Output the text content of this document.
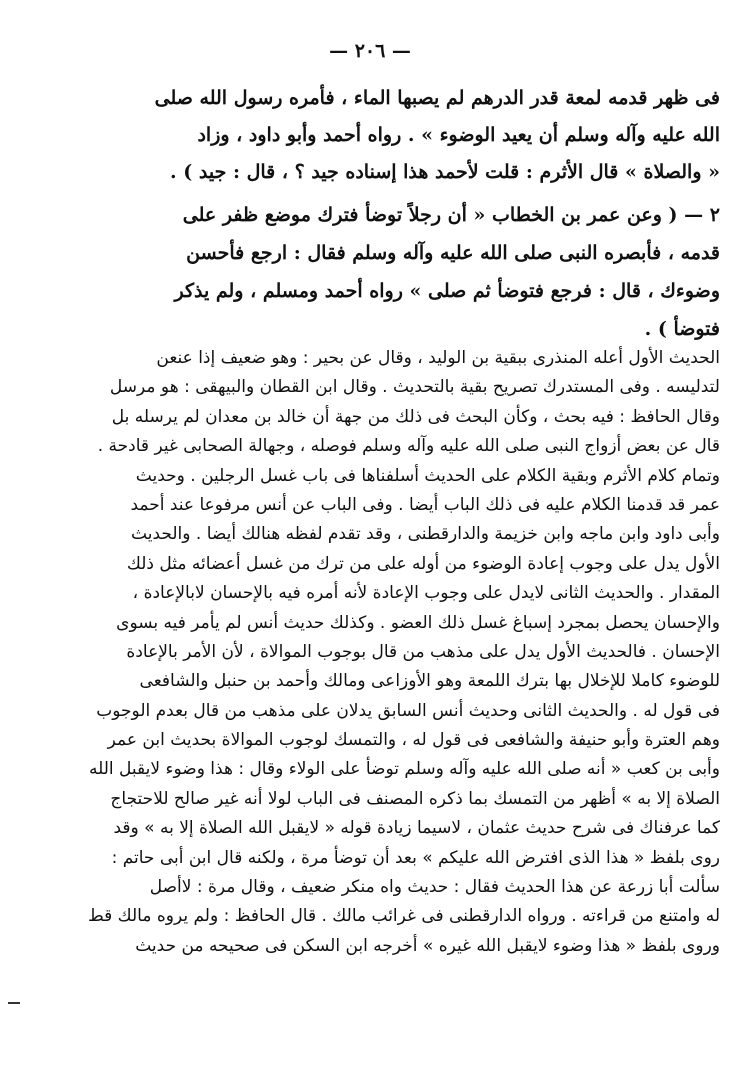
— ٢٠٦ —
فى ظهر قدمه لمعة قدر الدرهم لم يصبها الماء ، فأمره رسول الله صلى
الله عليه وآله وسلم أن يعيد الوضوء » . رواه أحمد وأبو داود ، وزاد
« والصلاة » قال الأثرم : قلت لأحمد هذا إسناده جيد ؟ ، قال : جيد ) .
٢ — ( وعن عمر بن الخطاب « أن رجلاً توضأ فترك موضع ظفر على
قدمه ، فأبصره النبى صلى الله عليه وآله وسلم فقال : ارجع فأحسن
وضوءك ، قال : فرجع فتوضأ ثم صلى » رواه أحمد ومسلم ، ولم يذكر
فتوضأ ) .
الحديث الأول أعله المنذرى ببقية بن الوليد ، وقال عن بحير : وهو ضعيف إذا عنعن
لتدليسه . وفى المستدرك تصريح بقية بالتحديث . وقال ابن القطان والبيهقى : هو مرسل
وقال الحافظ : فيه بحث ، وكأن البحث فى ذلك من جهة أن خالد بن معدان لم يرسله بل
قال عن بعض أزواج النبى صلى الله عليه وآله وسلم فوصله ، وجهالة الصحابى غير قادحة .
وتمام كلام الأثرم وبقية الكلام على الحديث أسلفناها فى باب غسل الرجلين . وحديث
عمر قد قدمنا الكلام عليه فى ذلك الباب أيضا . وفى الباب عن أنس مرفوعا عند أحمد
وأبى داود وابن ماجه وابن خزيمة والدارقطنى ، وقد تقدم لفظه هنالك أيضا . والحديث
الأول يدل على وجوب إعادة الوضوء من أوله على من ترك من غسل أعضائه مثل ذلك
المقدار . والحديث الثانى لايدل على وجوب الإعادة لأنه أمره فيه بالإحسان لابالإعادة ،
والإحسان يحصل بمجرد إسباغ غسل ذلك العضو . وكذلك حديث أنس لم يأمر فيه بسوى
الإحسان . فالحديث الأول يدل على مذهب من قال بوجوب الموالاة ، لأن الأمر بالإعادة
للوضوء كاملا للإخلال بها بترك اللمعة وهو الأوزاعى ومالك وأحمد بن حنبل والشافعى
فى قول له . والحديث الثانى وحديث أنس السابق يدلان على مذهب من قال بعدم الوجوب
وهم العترة وأبو حنيفة والشافعى فى قول له ، والتمسك لوجوب الموالاة بحديث ابن عمر
وأبى بن كعب « أنه صلى الله عليه وآله وسلم توضأ على الولاء وقال : هذا وضوء لايقبل الله
الصلاة إلا به » أظهر من التمسك بما ذكره المصنف فى الباب لولا أنه غير صالح للاحتجاج
كما عرفناك فى شرح حديث عثمان ، لاسيما زيادة قوله « لايقبل الله الصلاة إلا به » وقد
روى بلفظ « هذا الذى افترض الله عليكم » بعد أن توضأ مرة ، ولكنه قال ابن أبى حاتم :
سألت أبا زرعة عن هذا الحديث فقال : حديث واه منكر ضعيف ، وقال مرة : لاأصل
له وامتنع من قراءته . ورواه الدارقطنى فى غرائب مالك . قال الحافظ : ولم يروه مالك قط
وروى بلفظ « هذا وضوء لايقبل الله غيره » أخرجه ابن السكن فى صحيحه من حديث
